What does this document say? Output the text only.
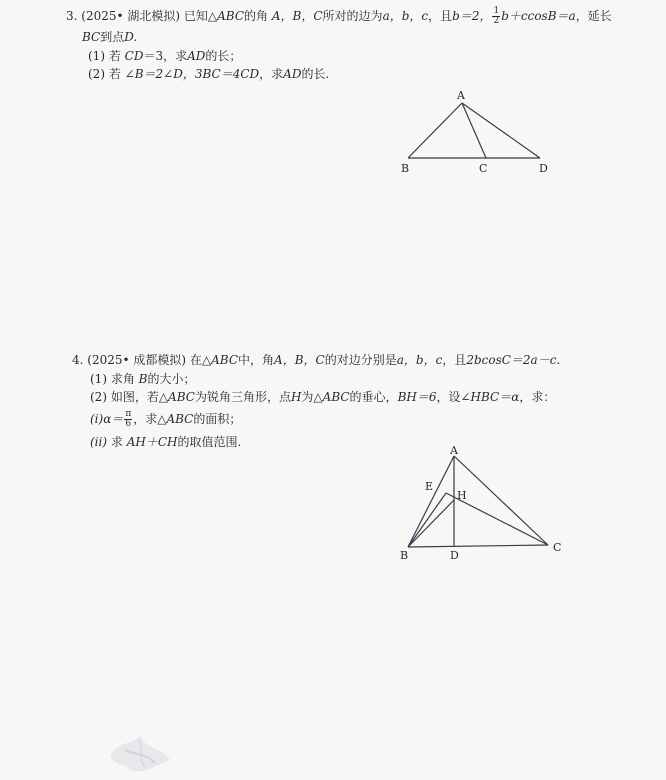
3. (2025• 湖北模拟) 已知△ABC的角 A，B，C所对的边为a，b，c，且b＝2， $\frac{1}{2} b+ccosB=a$，延长
BC到点D.
(1) 若 CD＝3，求AD的长；
(2) 若 ∠B＝2∠D，3BC＝4CD，求AD的长.
A
B	C	D
4. (2025• 成都模拟) 在△ABC中，角A，B，C的对边分别是a，b，c，且2bcosC＝2a－c.
(1) 求角 B的大小；
(2) 如图，若△ABC为锐角三角形，点H为△ABC的垂心，BH＝6，设∠HBC＝α，求：
$(i)\alpha= \frac{\pi}{6}$ ，求△ABC的面积；
(ii) 求 AH＋CH的取值范围.
A
B
C
D
E
H
